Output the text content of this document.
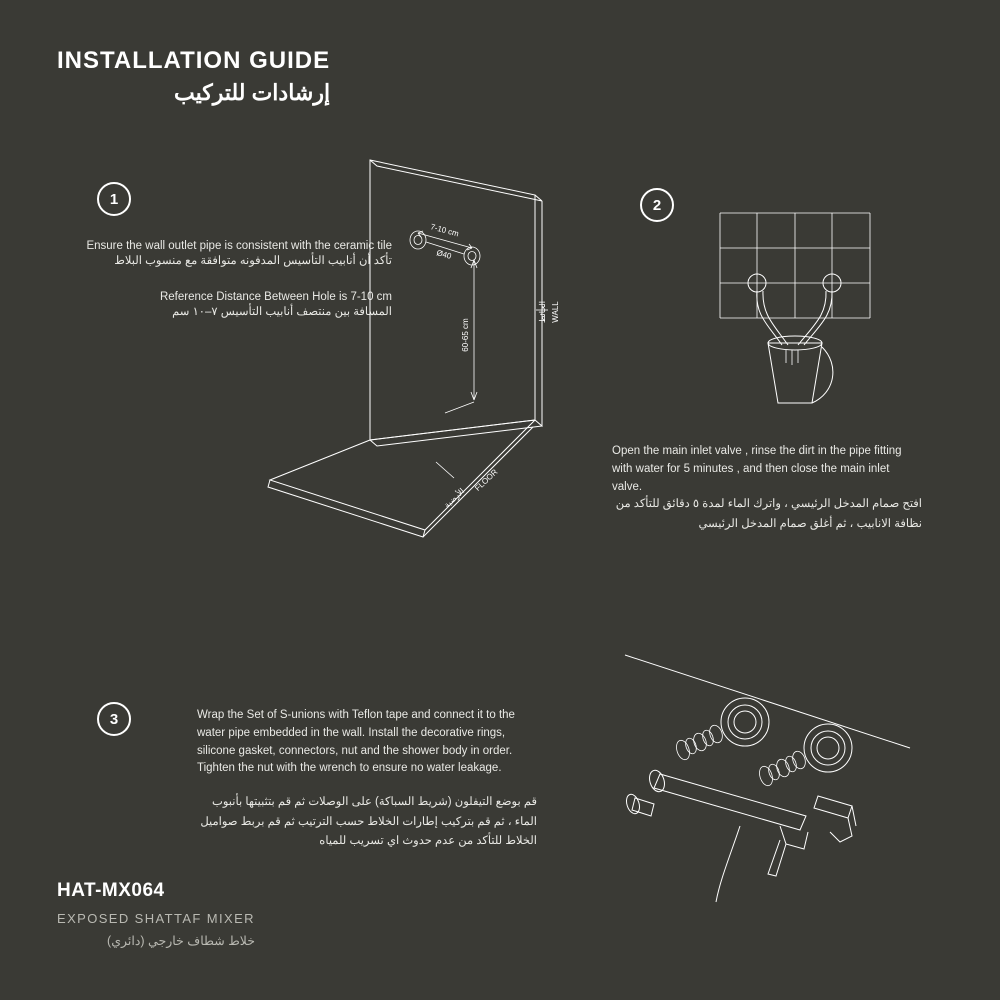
INSTALLATION GUIDE
إرشادات للتركيب
1
Ensure the wall outlet pipe is consistent with the ceramic tile
تأكد أن أنابيب التأسيس المدفونه متوافقة مع منسوب البلاط
Reference Distance Between Hole is 7-10 cm
المسافة بين منتصف أنابيب التأسيس ٧–١٠ سم
7-10 cm
Ø40
60-65 cm
WALL
الحائط
FLOOR
الأرضية
2
Open the main inlet valve , rinse the dirt in the pipe fitting with water for 5 minutes , and then close the main inlet valve.
افتح صمام المدخل الرئيسي ، واترك الماء لمدة ٥ دقائق للتأكد من نظافة الانابيب ، ثم أغلق صمام المدخل الرئيسي
3	Wrap the Set of S-unions with Teflon tape and connect it to the water pipe embedded in the wall. Install the decorative rings, silicone gasket, connectors, nut and the shower body in order. Tighten the nut with the wrench to ensure no water leakage.
قم بوضع التيفلون (شريط السباكة) على الوصلات ثم قم بتثبيتها بأنبوب الماء ، ثم قم بتركيب إطارات الخلاط حسب الترتيب ثم قم بربط صواميل الخلاط للتأكد من عدم حدوث اي تسريب للمياه
HAT-MX064
EXPOSED SHATTAF MIXER
خلاط شطاف خارجي (دائري)
